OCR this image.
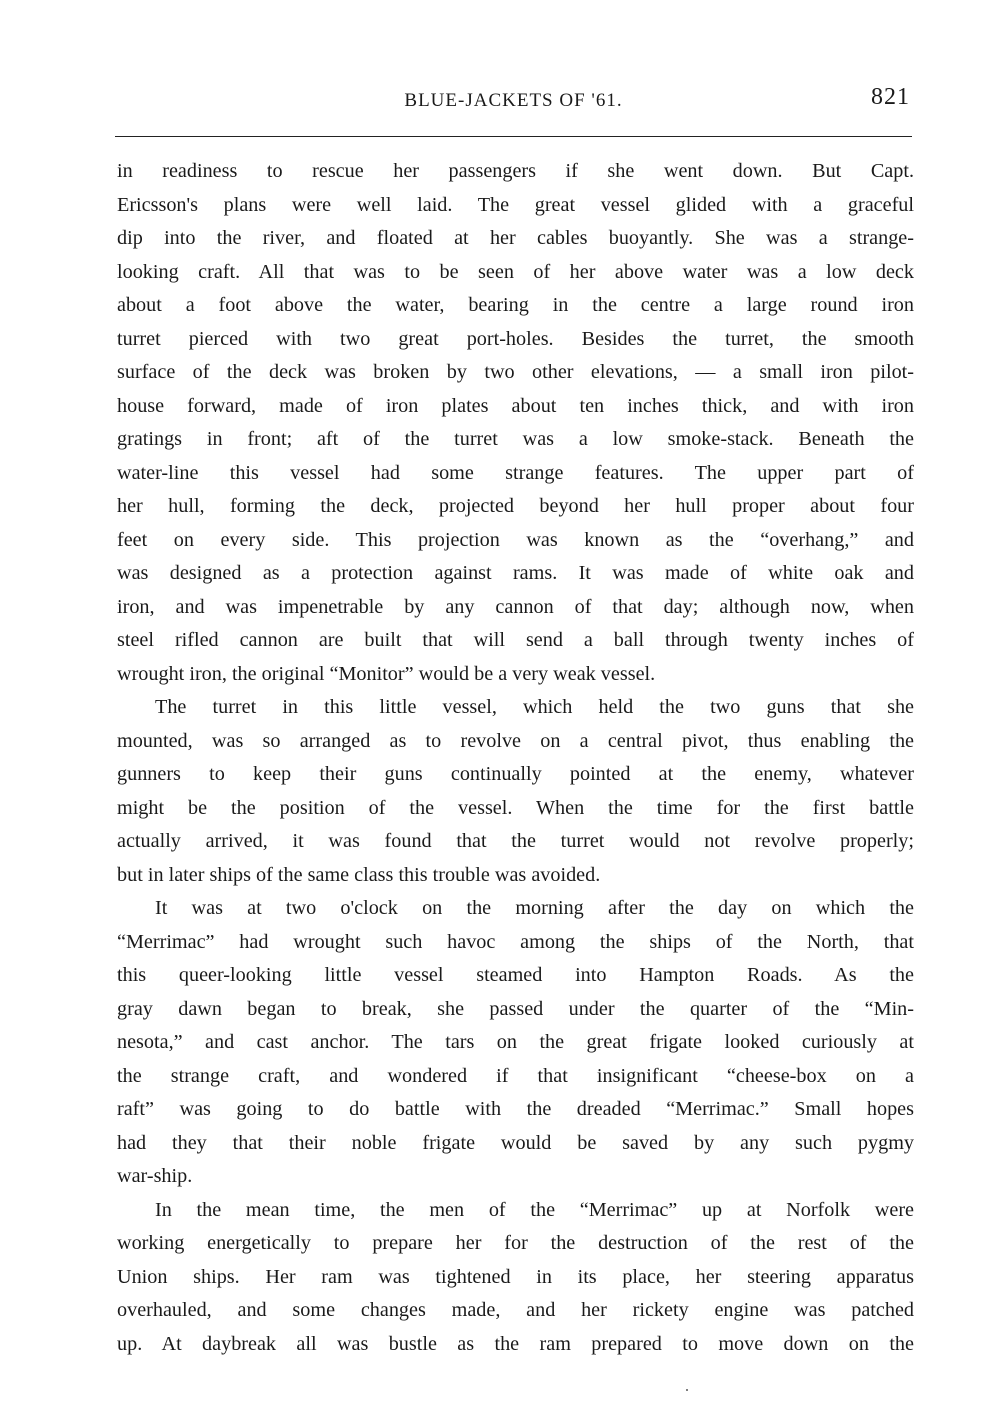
BLUE-JACKETS OF '61.	821
in readiness to rescue her passengers if she went down. But Capt.
Ericsson's plans were well laid. The great vessel glided with a graceful
dip into the river, and floated at her cables buoyantly. She was a strange-
looking craft. All that was to be seen of her above water was a low deck
about a foot above the water, bearing in the centre a large round iron
turret pierced with two great port-holes. Besides the turret, the smooth
surface of the deck was broken by two other elevations, — a small iron pilot-
house forward, made of iron plates about ten inches thick, and with iron
gratings in front; aft of the turret was a low smoke-stack. Beneath the
water-line this vessel had some strange features. The upper part of
her hull, forming the deck, projected beyond her hull proper about four
feet on every side. This projection was known as the “overhang,” and
was designed as a protection against rams. It was made of white oak and
iron, and was impenetrable by any cannon of that day; although now, when
steel rifled cannon are built that will send a ball through twenty inches of
wrought iron, the original “Monitor” would be a very weak vessel.
The turret in this little vessel, which held the two guns that she
mounted, was so arranged as to revolve on a central pivot, thus enabling the
gunners to keep their guns continually pointed at the enemy, whatever
might be the position of the vessel. When the time for the first battle
actually arrived, it was found that the turret would not revolve properly;
but in later ships of the same class this trouble was avoided.
It was at two o'clock on the morning after the day on which the
“Merrimac” had wrought such havoc among the ships of the North, that
this queer-looking little vessel steamed into Hampton Roads. As the
gray dawn began to break, she passed under the quarter of the “Min-
nesota,” and cast anchor. The tars on the great frigate looked curiously at
the strange craft, and wondered if that insignificant “cheese-box on a
raft” was going to do battle with the dreaded “Merrimac.” Small hopes
had they that their noble frigate would be saved by any such pygmy
war-ship.
In the mean time, the men of the “Merrimac” up at Norfolk were
working energetically to prepare her for the destruction of the rest of the
Union ships. Her ram was tightened in its place, her steering apparatus
overhauled, and some changes made, and her rickety engine was patched
up. At daybreak all was bustle as the ram prepared to move down on the
